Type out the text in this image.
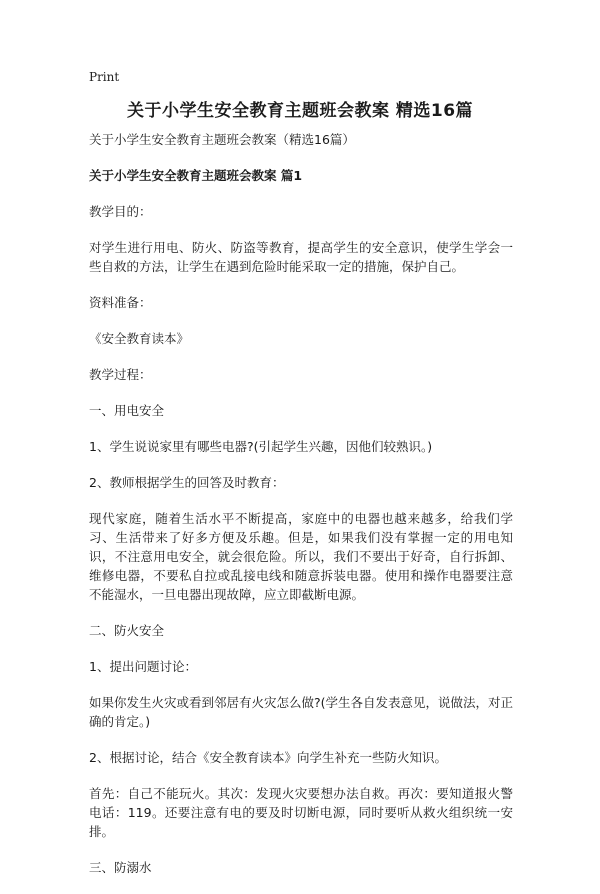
Print
关于小学生安全教育主题班会教案 精选16篇

关于小学生安全教育主题班会教案（精选16篇）

关于小学生安全教育主题班会教案 篇1

教学目的：

对学生进行用电、防火、防盗等教育，提高学生的安全意识，使学生学会一些自救的方法，让学生在遇到危险时能采取一定的措施，保护自己。

资料准备：

《安全教育读本》

教学过程：

一、用电安全

1、学生说说家里有哪些电器?(引起学生兴趣，因他们较熟识。)

2、教师根据学生的回答及时教育：

现代家庭，随着生活水平不断提高，家庭中的电器也越来越多，给我们学习、生活带来了好多方便及乐趣。但是，如果我们没有掌握一定的用电知识，不注意用电安全，就会很危险。所以，我们不要出于好奇，自行拆卸、维修电器，不要私自拉或乱接电线和随意拆装电器。使用和操作电器要注意不能湿水，一旦电器出现故障，应立即截断电源。

二、防火安全

1、提出问题讨论：

如果你发生火灾或看到邻居有火灾怎么做?(学生各自发表意见，说做法，对正确的肯定。)

2、根据讨论，结合《安全教育读本》向学生补充一些防火知识。

首先：自己不能玩火。其次：发现火灾要想办法自救。再次：要知道报火警电话：119。还要注意有电的要及时切断电源，同时要听从救火组织统一安排。

三、防溺水
